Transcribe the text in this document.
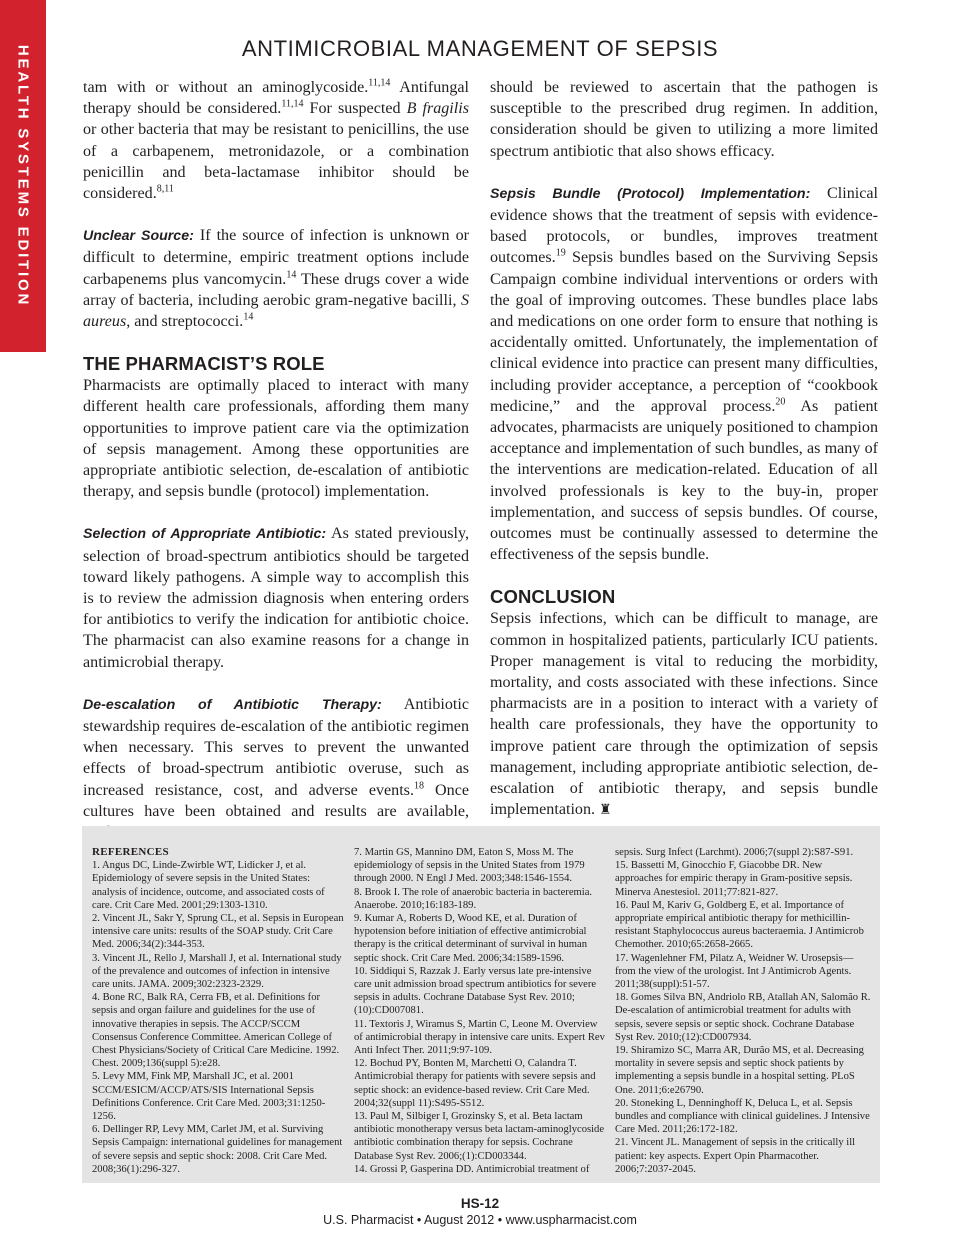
HEALTH SYSTEMS EDITION	ANTIMICROBIAL MANAGEMENT OF SEPSIS

tam with or without an aminoglycoside.$^{11,14}$ Antifungal therapy should be considered.$^{11,14}$ For suspected B fragilis or other bacteria that may be resistant to penicillins, the use of a carbapenem, metronidazole, or a combination penicillin and beta-lactamase inhibitor should be considered.$^{8,11}$

Unclear Source: If the source of infection is unknown or difficult to determine, empiric treatment options include carbapenems plus vancomycin.$^{14}$ These drugs cover a wide array of bacteria, including aerobic gram-negative bacilli, S aureus, and streptococci.$^{14}$

THE PHARMACIST’S ROLE

Pharmacists are optimally placed to interact with many different health care professionals, affording them many opportunities to improve patient care via the optimization of sepsis management. Among these opportunities are appropriate antibiotic selection, de-escalation of antibiotic therapy, and sepsis bundle (protocol) implementation.

Selection of Appropriate Antibiotic: As stated previously, selection of broad-spectrum antibiotics should be targeted toward likely pathogens. A simple way to accomplish this is to review the admission diagnosis when entering orders for antibiotics to verify the indication for antibiotic choice. The pharmacist can also examine reasons for a change in antimicrobial therapy.

De-escalation of Antibiotic Therapy: Antibiotic stewardship requires de-escalation of the antibiotic regimen when necessary. This serves to prevent the unwanted effects of broad-spectrum antibiotic overuse, such as increased resistance, cost, and adverse events.$^{18}$ Once cultures have been obtained and results are available,

should be reviewed to ascertain that the pathogen is susceptible to the prescribed drug regimen. In addition, consideration should be given to utilizing a more limited spectrum antibiotic that also shows efficacy.

Sepsis Bundle (Protocol) Implementation: Clinical evidence shows that the treatment of sepsis with evidence-based protocols, or bundles, improves treatment outcomes.$^{19}$ Sepsis bundles based on the Surviving Sepsis Campaign combine individual interventions or orders with the goal of improving outcomes. These bundles place labs and medications on one order form to ensure that nothing is accidentally omitted. Unfortunately, the implementation of clinical evidence into practice can present many difficulties, including provider acceptance, a perception of “cookbook medicine,” and the approval process.$^{20}$ As patient advocates, pharmacists are uniquely positioned to champion acceptance and implementation of such bundles, as many of the interventions are medication-related. Education of all involved professionals is key to the buy-in, proper implementation, and success of sepsis bundles. Of course, outcomes must be continually assessed to determine the effectiveness of the sepsis bundle.

CONCLUSION

Sepsis infections, which can be difficult to manage, are common in hospitalized patients, particularly ICU patients. Proper management is vital to reducing the morbidity, mortality, and costs associated with these infections. Since pharmacists are in a position to interact with a variety of health care professionals, they have the opportunity to improve patient care through the optimization of sepsis management, including appropriate antibiotic selection, de-escalation of antibiotic therapy, and sepsis bundle implementation. ♜

REFERENCES

1. Angus DC, Linde-Zwirble WT, Lidicker J, et al. Epidemiology of severe sepsis in the United States: analysis of incidence, outcome, and associated costs of care. Crit Care Med. 2001;29:1303-1310.

2. Vincent JL, Sakr Y, Sprung CL, et al. Sepsis in European intensive care units: results of the SOAP study. Crit Care Med. 2006;34(2):344-353.

3. Vincent JL, Rello J, Marshall J, et al. International study of the prevalence and outcomes of infection in intensive care units. JAMA. 2009;302:2323-2329.

4. Bone RC, Balk RA, Cerra FB, et al. Definitions for sepsis and organ failure and guidelines for the use of innovative therapies in sepsis. The ACCP/SCCM Consensus Conference Committee. American College of Chest Physicians/Society of Critical Care Medicine. 1992. Chest. 2009;136(suppl 5):e28.

5. Levy MM, Fink MP, Marshall JC, et al. 2001 SCCM/ESICM/ACCP/ATS/SIS International Sepsis Definitions Conference. Crit Care Med. 2003;31:1250-1256.

6. Dellinger RP, Levy MM, Carlet JM, et al. Surviving Sepsis Campaign: international guidelines for management of severe sepsis and septic shock: 2008. Crit Care Med. 2008;36(1):296-327.

7. Martin GS, Mannino DM, Eaton S, Moss M. The epidemiology of sepsis in the United States from 1979 through 2000. N Engl J Med. 2003;348:1546-1554.

8. Brook I. The role of anaerobic bacteria in bacteremia. Anaerobe. 2010;16:183-189.

9. Kumar A, Roberts D, Wood KE, et al. Duration of hypotension before initiation of effective antimicrobial therapy is the critical determinant of survival in human septic shock. Crit Care Med. 2006;34:1589-1596.

10. Siddiqui S, Razzak J. Early versus late pre-intensive care unit admission broad spectrum antibiotics for severe sepsis in adults. Cochrane Database Syst Rev. 2010;(10):CD007081.

11. Textoris J, Wiramus S, Martin C, Leone M. Overview of antimicrobial therapy in intensive care units. Expert Rev Anti Infect Ther. 2011;9:97-109.

12. Bochud PY, Bonten M, Marchetti O, Calandra T. Antimicrobial therapy for patients with severe sepsis and septic shock: an evidence-based review. Crit Care Med. 2004;32(suppl 11):S495-S512.

13. Paul M, Silbiger I, Grozinsky S, et al. Beta lactam antibiotic monotherapy versus beta lactam-aminoglycoside antibiotic combination therapy for sepsis. Cochrane Database Syst Rev. 2006;(1):CD003344.

14. Grossi P, Gasperina DD. Antimicrobial treatment of

sepsis. Surg Infect (Larchmt). 2006;7(suppl 2):S87-S91.

15. Bassetti M, Ginocchio F, Giacobbe DR. New approaches for empiric therapy in Gram-positive sepsis. Minerva Anestesiol. 2011;77:821-827.

16. Paul M, Kariv G, Goldberg E, et al. Importance of appropriate empirical antibiotic therapy for methicillin-resistant Staphylococcus aureus bacteraemia. J Antimicrob Chemother. 2010;65:2658-2665.

17. Wagenlehner FM, Pilatz A, Weidner W. Urosepsis—from the view of the urologist. Int J Antimicrob Agents. 2011;38(suppl):51-57.

18. Gomes Silva BN, Andriolo RB, Atallah AN, Salomão R. De-escalation of antimicrobial treatment for adults with sepsis, severe sepsis or septic shock. Cochrane Database Syst Rev. 2010;(12):CD007934.

19. Shiramizo SC, Marra AR, Durão MS, et al. Decreasing mortality in severe sepsis and septic shock patients by implementing a sepsis bundle in a hospital setting. PLoS One. 2011;6:e26790.

20. Stoneking L, Denninghoff K, Deluca L, et al. Sepsis bundles and compliance with clinical guidelines. J Intensive Care Med. 2011;26:172-182.

21. Vincent JL. Management of sepsis in the critically ill patient: key aspects. Expert Opin Pharmacother. 2006;7:2037-2045.

HS-12
U.S. Pharmacist • August 2012 • www.uspharmacist.com
